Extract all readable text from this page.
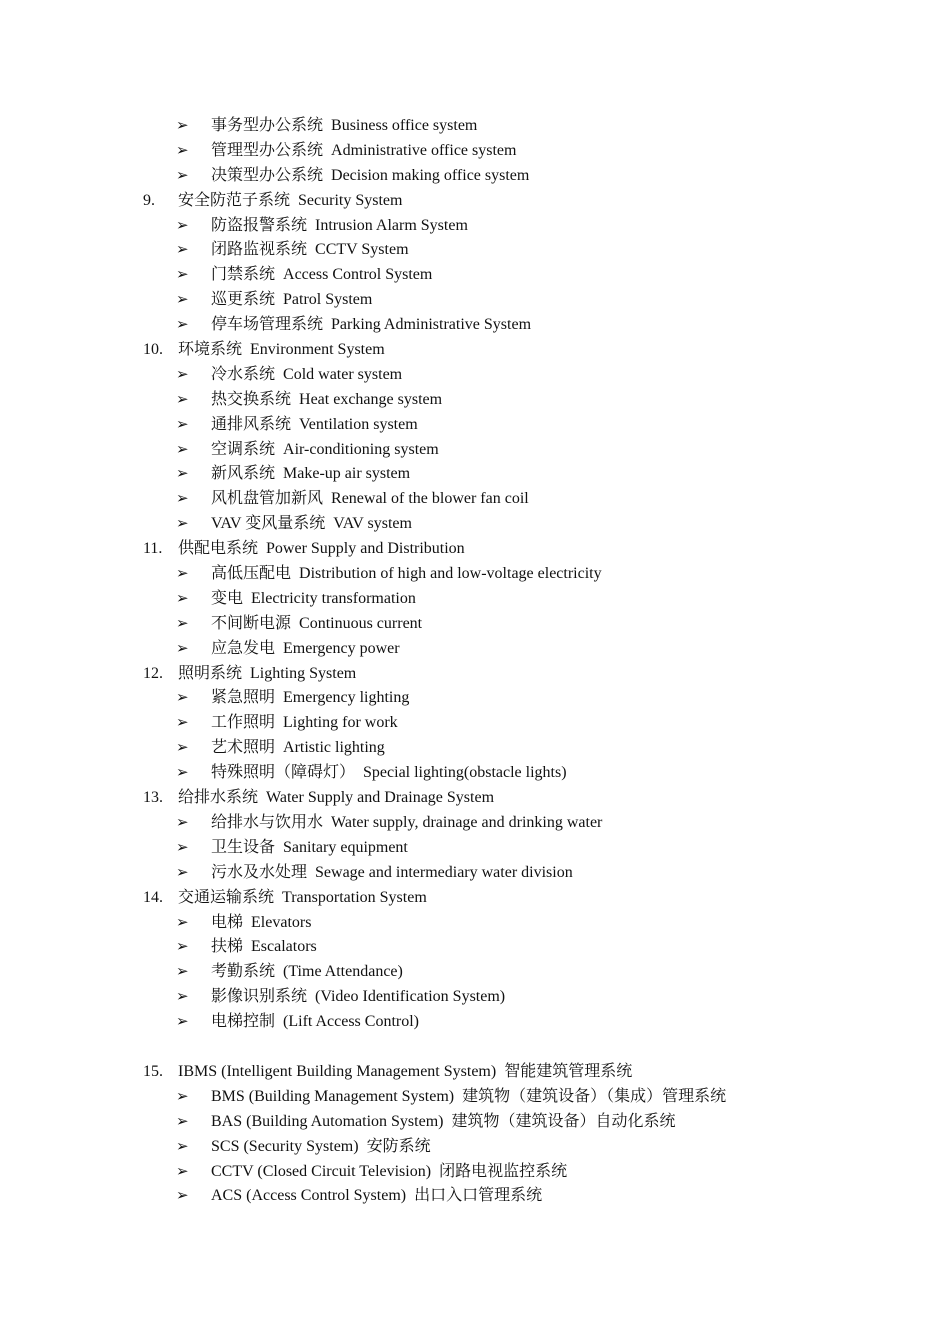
➢ 事务型办公系统 Business office system
➢ 管理型办公系统 Administrative office system
➢ 决策型办公系统 Decision making office system
9. 安全防范子系统 Security System
➢ 防盗报警系统 Intrusion Alarm System
➢ 闭路监视系统 CCTV System
➢ 门禁系统 Access Control System
➢ 巡更系统 Patrol System
➢ 停车场管理系统 Parking Administrative System
10. 环境系统 Environment System
➢ 冷水系统 Cold water system
➢ 热交换系统 Heat exchange system
➢ 通排风系统 Ventilation system
➢ 空调系统 Air-conditioning system
➢ 新风系统 Make-up air system
➢ 风机盘管加新风 Renewal of the blower fan coil
➢ VAV 变风量系统 VAV system
11. 供配电系统 Power Supply and Distribution
➢ 高低压配电 Distribution of high and low-voltage electricity
➢ 变电 Electricity transformation
➢ 不间断电源 Continuous current
➢ 应急发电 Emergency power
12. 照明系统 Lighting System
➢ 紧急照明 Emergency lighting
➢ 工作照明 Lighting for work
➢ 艺术照明 Artistic lighting
➢ 特殊照明（障碍灯） Special lighting(obstacle lights)
13. 给排水系统 Water Supply and Drainage System
➢ 给排水与饮用水 Water supply, drainage and drinking water
➢ 卫生设备 Sanitary equipment
➢ 污水及水处理 Sewage and intermediary water division
14. 交通运输系统 Transportation System
➢ 电梯 Elevators
➢ 扶梯 Escalators
➢ 考勤系统 (Time Attendance)
➢ 影像识别系统 (Video Identification System)
➢ 电梯控制 (Lift Access Control)
15. IBMS (Intelligent Building Management System) 智能建筑管理系统
➢ BMS (Building Management System) 建筑物（建筑设备）（集成）管理系统
➢ BAS (Building Automation System) 建筑物（建筑设备）自动化系统
➢ SCS (Security System) 安防系统
➢ CCTV (Closed Circuit Television) 闭路电视监控系统
➢ ACS (Access Control System) 出口入口管理系统
